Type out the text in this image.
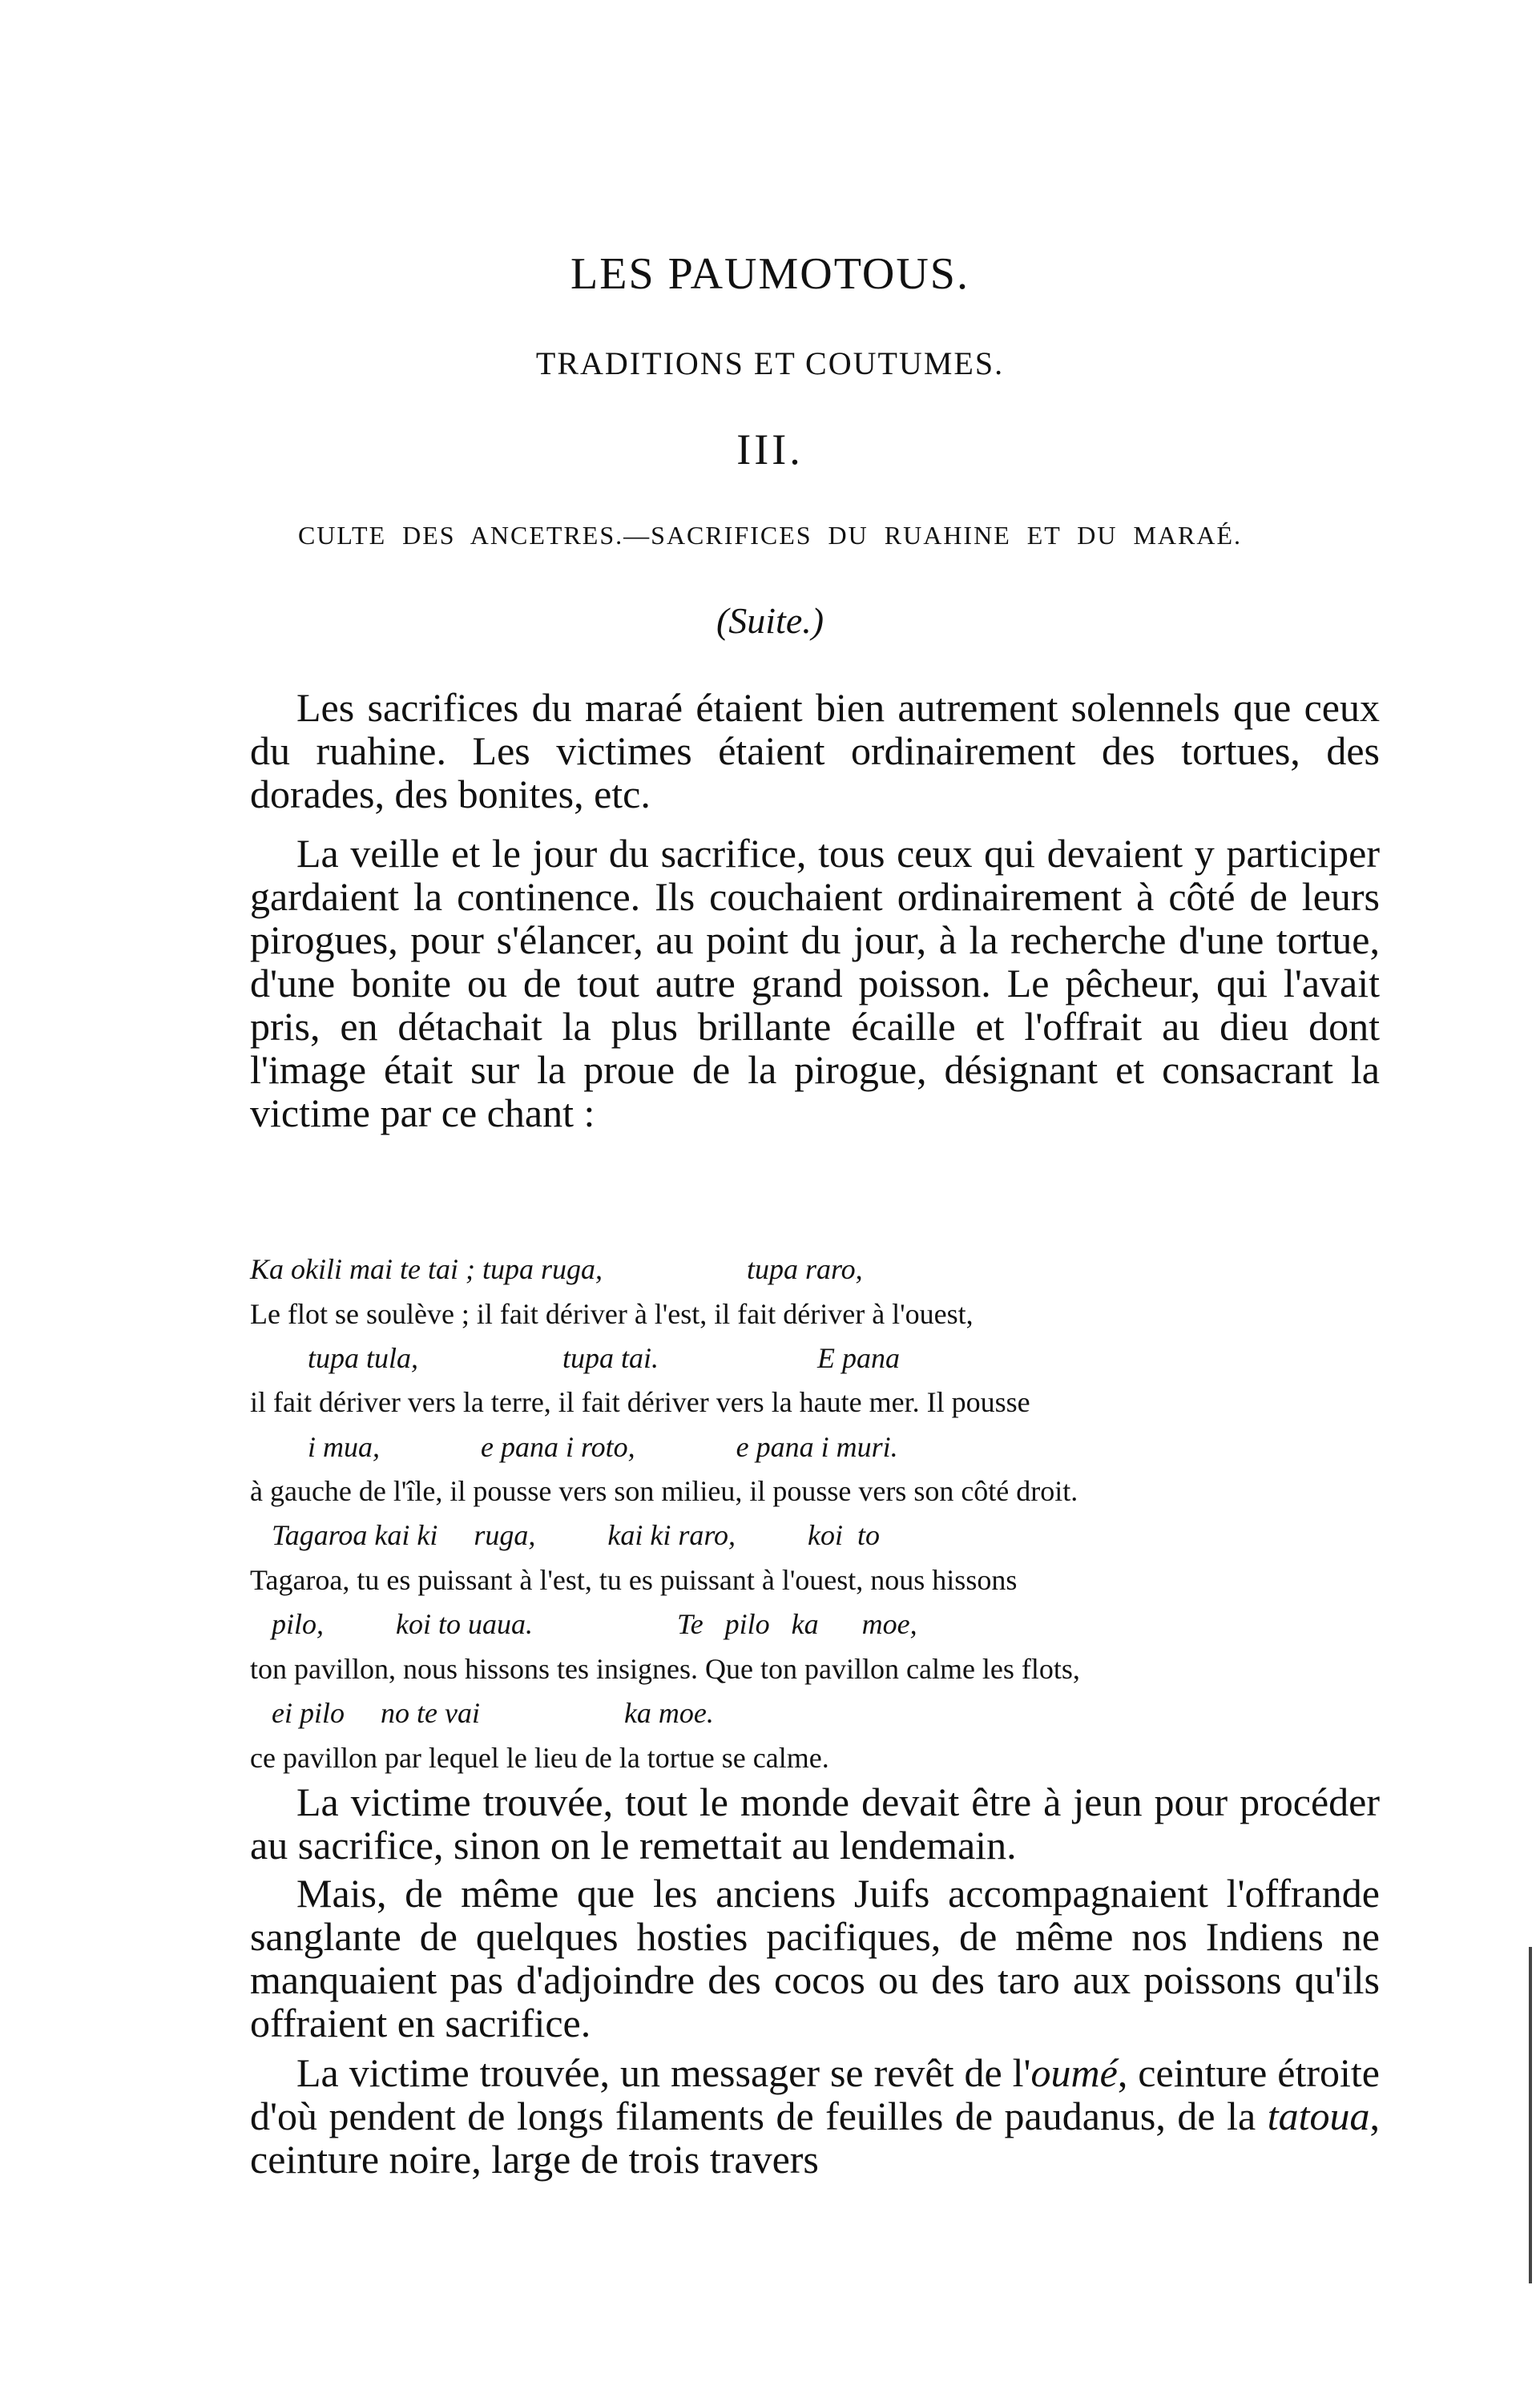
LES PAUMOTOUS.
TRADITIONS ET COUTUMES.
III.
CULTE DES ANCETRES.—SACRIFICES DU RUAHINE ET DU MARAÉ.
(Suite.)

Les sacrifices du maraé étaient bien autrement solennels que ceux du ruahine. Les victimes étaient ordinairement des tortues, des dorades, des bonites, etc.

La veille et le jour du sacrifice, tous ceux qui devaient y participer gardaient la continence. Ils couchaient ordinairement à côté de leurs pirogues, pour s'élancer, au point du jour, à la recherche d'une tortue, d'une bonite ou de tout autre grand poisson. Le pêcheur, qui l'avait pris, en détachait la plus brillante écaille et l'offrait au dieu dont l'image était sur la proue de la pirogue, désignant et consacrant la victime par ce chant :

Ka okili mai te tai ; tupa ruga,                    tupa raro,
Le flot se soulève ; il fait dériver à l'est, il fait dériver à l'ouest,
tupa tula,                    tupa tai.                      E pana
il fait dériver vers la terre, il fait dériver vers la haute mer. Il pousse
i mua,              e pana i roto,              e pana i muri.
à gauche de l'île, il pousse vers son milieu, il pousse vers son côté droit.
Tagaroa kai ki     ruga,          kai ki raro,          koi  to
Tagaroa, tu es puissant à l'est, tu es puissant à l'ouest, nous hissons
pilo,          koi to uaua.                    Te   pilo   ka      moe,
ton pavillon, nous hissons tes insignes. Que ton pavillon calme les flots,
ei pilo     no te vai                    ka moe.
ce pavillon par lequel le lieu de la tortue se calme.

La victime trouvée, tout le monde devait être à jeun pour procéder au sacrifice, sinon on le remettait au lendemain.

Mais, de même que les anciens Juifs accompagnaient l'offrande sanglante de quelques hosties pacifiques, de même nos Indiens ne manquaient pas d'adjoindre des cocos ou des taro aux poissons qu'ils offraient en sacrifice.

La victime trouvée, un messager se revêt de l'oumé, ceinture étroite d'où pendent de longs filaments de feuilles de paudanus, de la tatoua, ceinture noire, large de trois travers
